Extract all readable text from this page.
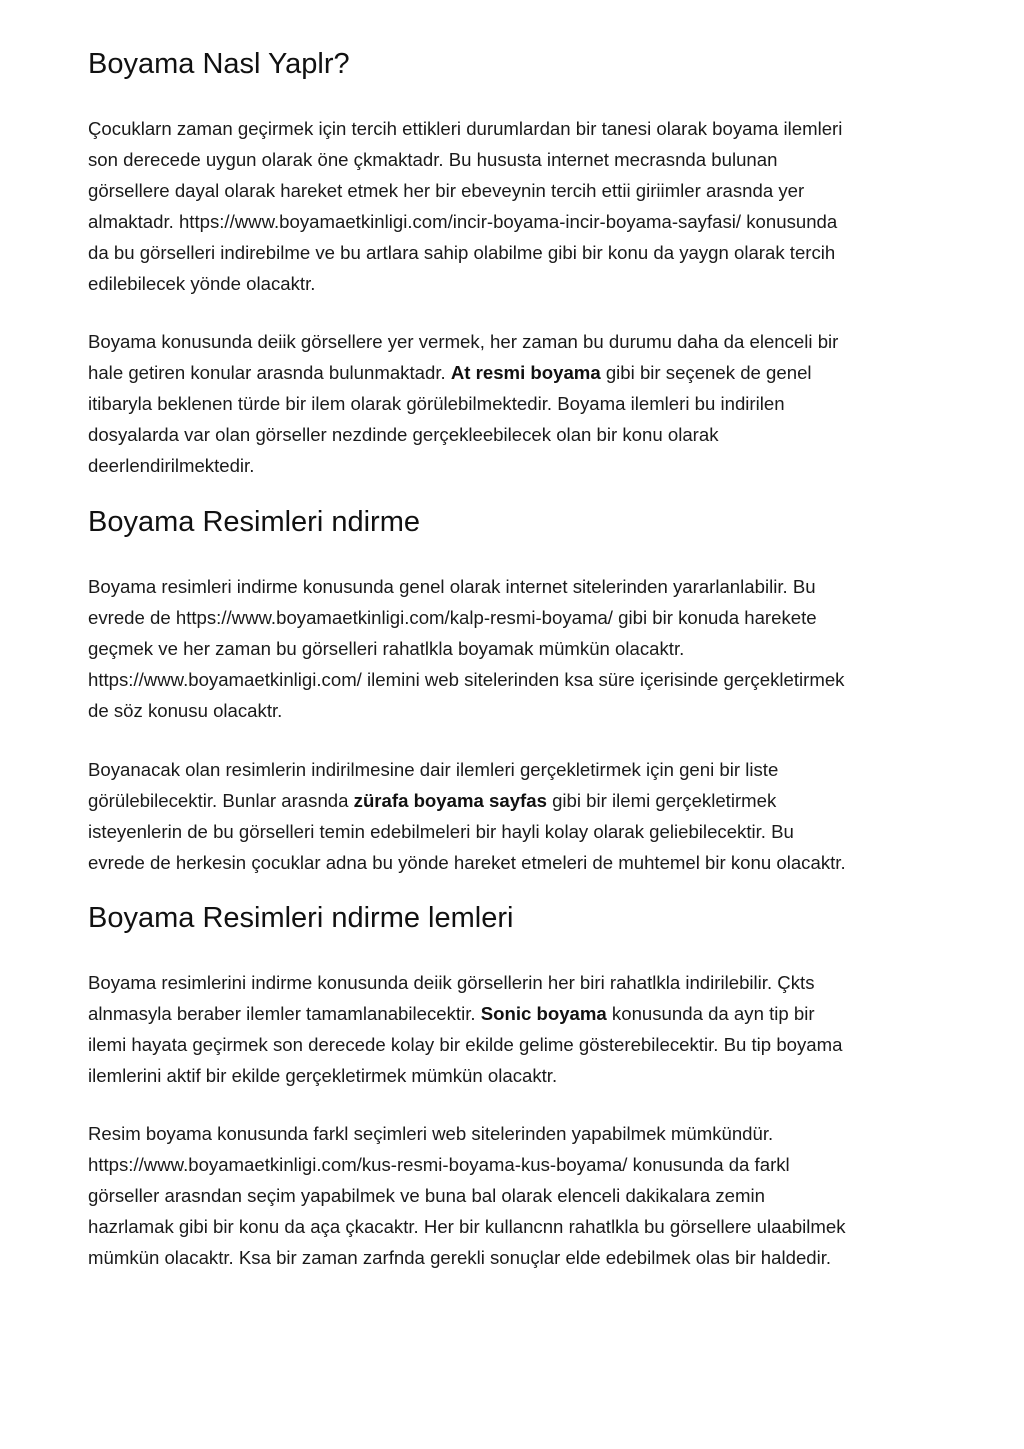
Boyama Nasl Yaplr?

Çocuklarn zaman geçirmek için tercih ettikleri durumlardan bir tanesi olarak boyama ilemleri
son derecede uygun olarak öne çkmaktadr. Bu hususta internet mecrasnda bulunan
görsellere dayal olarak hareket etmek her bir ebeveynin tercih ettii giriimler arasnda yer
almaktadr. https://www.boyamaetkinligi.com/incir-boyama-incir-boyama-sayfasi/ konusunda
da bu görselleri indirebilme ve bu artlara sahip olabilme gibi bir konu da yaygn olarak tercih
edilebilecek yönde olacaktr.

Boyama konusunda deiik görsellere yer vermek, her zaman bu durumu daha da elenceli bir
hale getiren konular arasnda bulunmaktadr. At resmi boyama gibi bir seçenek de genel
itibaryla beklenen türde bir ilem olarak görülebilmektedir. Boyama ilemleri bu indirilen
dosyalarda var olan görseller nezdinde gerçekleebilecek olan bir konu olarak
deerlendirilmektedir.

Boyama Resimleri ndirme

Boyama resimleri indirme konusunda genel olarak internet sitelerinden yararlanlabilir. Bu
evrede de https://www.boyamaetkinligi.com/kalp-resmi-boyama/ gibi bir konuda harekete
geçmek ve her zaman bu görselleri rahatlkla boyamak mümkün olacaktr.
https://www.boyamaetkinligi.com/ ilemini web sitelerinden ksa süre içerisinde gerçekletirmek
de söz konusu olacaktr.

Boyanacak olan resimlerin indirilmesine dair ilemleri gerçekletirmek için geni bir liste
görülebilecektir. Bunlar arasnda zürafa boyama sayfas gibi bir ilemi gerçekletirmek
isteyenlerin de bu görselleri temin edebilmeleri bir hayli kolay olarak geliebilecektir. Bu
evrede de herkesin çocuklar adna bu yönde hareket etmeleri de muhtemel bir konu olacaktr.

Boyama Resimleri ndirme lemleri

Boyama resimlerini indirme konusunda deiik görsellerin her biri rahatlkla indirilebilir. Çkts
alnmasyla beraber ilemler tamamlanabilecektir. Sonic boyama konusunda da ayn tip bir
ilemi hayata geçirmek son derecede kolay bir ekilde gelime gösterebilecektir. Bu tip boyama
ilemlerini aktif bir ekilde gerçekletirmek mümkün olacaktr.

Resim boyama konusunda farkl seçimleri web sitelerinden yapabilmek mümkündür.
https://www.boyamaetkinligi.com/kus-resmi-boyama-kus-boyama/ konusunda da farkl
görseller arasndan seçim yapabilmek ve buna bal olarak elenceli dakikalara zemin
hazrlamak gibi bir konu da aça çkacaktr. Her bir kullancnn rahatlkla bu görsellere ulaabilmek
mümkün olacaktr. Ksa bir zaman zarfnda gerekli sonuçlar elde edebilmek olas bir haldedir.
